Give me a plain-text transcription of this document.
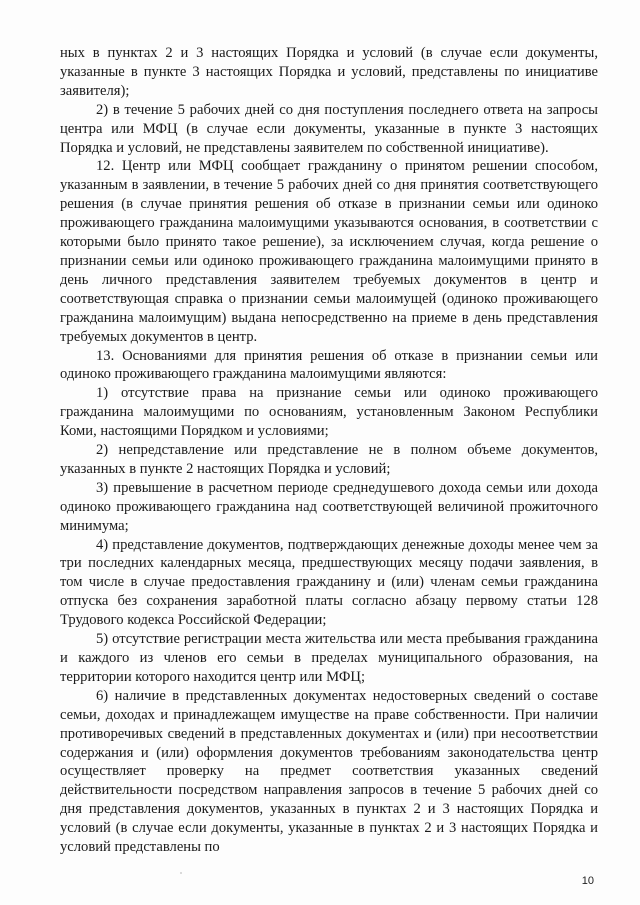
ных в пунктах 2 и 3 настоящих Порядка и условий (в случае если документы, указанные в пункте 3 настоящих Порядка и условий, представлены по инициативе заявителя);

2) в течение 5 рабочих дней со дня поступления последнего ответа на запросы центра или МФЦ (в случае если документы, указанные в пункте 3 настоящих Порядка и условий, не представлены заявителем по собственной инициативе).

12. Центр или МФЦ сообщает гражданину о принятом решении способом, указанным в заявлении, в течение 5 рабочих дней со дня принятия соответствующего решения (в случае принятия решения об отказе в признании семьи или одиноко проживающего гражданина малоимущими указываются основания, в соответствии с которыми было принято такое решение), за исключением случая, когда решение о признании семьи или одиноко проживающего гражданина малоимущими принято в день личного представления заявителем требуемых документов в центр и соответствующая справка о признании семьи малоимущей (одиноко проживающего гражданина малоимущим) выдана непосредственно на приеме в день представления требуемых документов в центр.

13. Основаниями для принятия решения об отказе в признании семьи или одиноко проживающего гражданина малоимущими являются:

1) отсутствие права на признание семьи или одиноко проживающего гражданина малоимущими по основаниям, установленным Законом Республики Коми, настоящими Порядком и условиями;

2) непредставление или представление не в полном объеме документов, указанных в пункте 2 настоящих Порядка и условий;

3) превышение в расчетном периоде среднедушевого дохода семьи или дохода одиноко проживающего гражданина над соответствующей величиной прожиточного минимума;

4) представление документов, подтверждающих денежные доходы менее чем за три последних календарных месяца, предшествующих месяцу подачи заявления, в том числе в случае предоставления гражданину и (или) членам семьи гражданина отпуска без сохранения заработной платы согласно абзацу первому статьи 128 Трудового кодекса Российской Федерации;

5) отсутствие регистрации места жительства или места пребывания гражданина и каждого из членов его семьи в пределах муниципального образования, на территории которого находится центр или МФЦ;

6) наличие в представленных документах недостоверных сведений о составе семьи, доходах и принадлежащем имуществе на праве собственности. При наличии противоречивых сведений в представленных документах и (или) при несоответствии содержания и (или) оформления документов требованиям законодательства центр осуществляет проверку на предмет соответствия указанных сведений действительности посредством направления запросов в течение 5 рабочих дней со дня представления документов, указанных в пунктах 2 и 3 настоящих Порядка и условий (в случае если документы, указанные в пунктах 2 и 3 настоящих Порядка и условий представлены по

10
